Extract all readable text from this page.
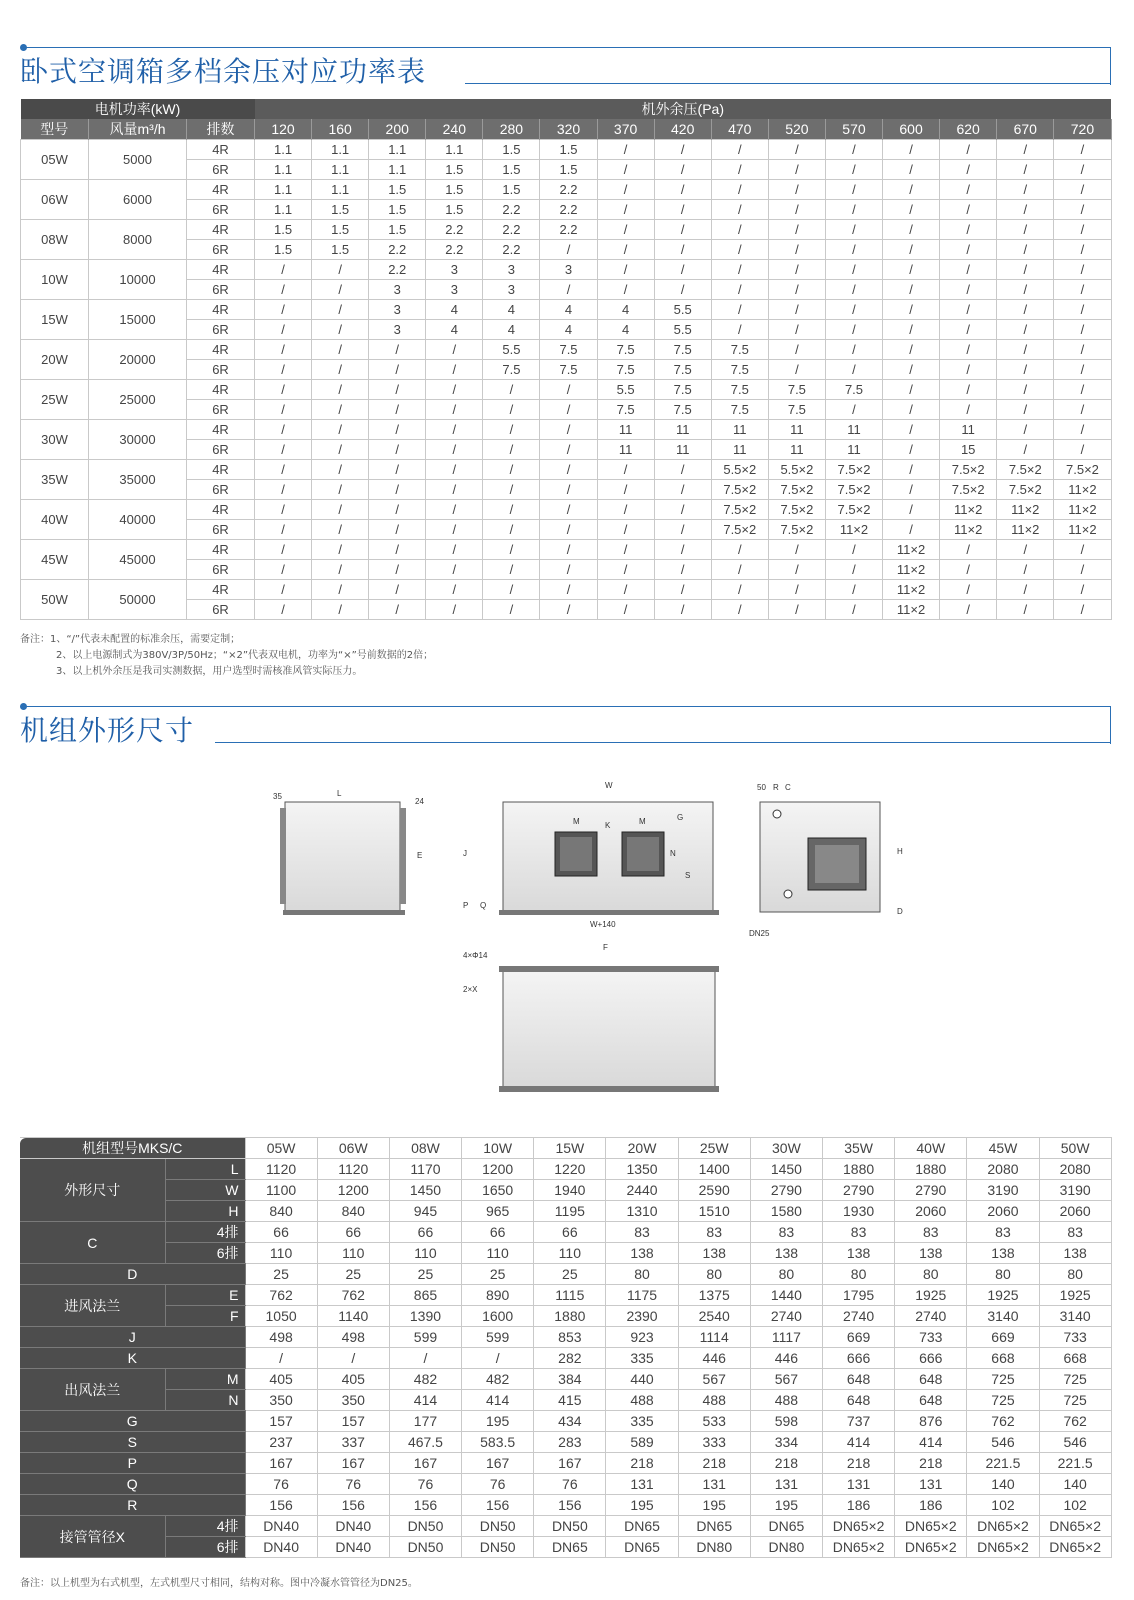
卧式空调箱多档余压对应功率表
电机功率(kW)			机外余压(Pa)														
型号	风量m³/h	排数	120	160	200	240	280	320	370	420	470	520	570	600	620	670	720
05W	5000	4R	1.1	1.1	1.1	1.1	1.5	1.5	/	/	/	/	/	/	/	/	/
		6R	1.1	1.1	1.1	1.5	1.5	1.5	/	/	/	/	/	/	/	/	/
06W	6000	4R	1.1	1.1	1.5	1.5	1.5	2.2	/	/	/	/	/	/	/	/	/
		6R	1.1	1.5	1.5	1.5	2.2	2.2	/	/	/	/	/	/	/	/	/
08W	8000	4R	1.5	1.5	1.5	2.2	2.2	2.2	/	/	/	/	/	/	/	/	/
		6R	1.5	1.5	2.2	2.2	2.2	/	/	/	/	/	/	/	/	/	/
10W	10000	4R	/	/	2.2	3	3	3	/	/	/	/	/	/	/	/	/
		6R	/	/	3	3	3	/	/	/	/	/	/	/	/	/	/
15W	15000	4R	/	/	3	4	4	4	4	5.5	/	/	/	/	/	/	/
		6R	/	/	3	4	4	4	4	5.5	/	/	/	/	/	/	/
20W	20000	4R	/	/	/	/	5.5	7.5	7.5	7.5	7.5	/	/	/	/	/	/
		6R	/	/	/	/	7.5	7.5	7.5	7.5	7.5	/	/	/	/	/	/
25W	25000	4R	/	/	/	/	/	/	5.5	7.5	7.5	7.5	7.5	/	/	/	/
		6R	/	/	/	/	/	/	7.5	7.5	7.5	7.5	/	/	/	/	/
30W	30000	4R	/	/	/	/	/	/	11	11	11	11	11	/	11	/	/
		6R	/	/	/	/	/	/	11	11	11	11	11	/	15	/	/
35W	35000	4R	/	/	/	/	/	/	/	/	5.5×2	5.5×2	7.5×2	/	7.5×2	7.5×2	7.5×2
		6R	/	/	/	/	/	/	/	/	7.5×2	7.5×2	7.5×2	/	7.5×2	7.5×2	11×2
40W	40000	4R	/	/	/	/	/	/	/	/	7.5×2	7.5×2	7.5×2	/	11×2	11×2	11×2
		6R	/	/	/	/	/	/	/	/	7.5×2	7.5×2	11×2	/	11×2	11×2	11×2
45W	45000	4R	/	/	/	/	/	/	/	/	/	/	/	11×2	/	/	/
		6R	/	/	/	/	/	/	/	/	/	/	/	11×2	/	/	/
50W	50000	4R	/	/	/	/	/	/	/	/	/	/	/	11×2	/	/	/
		6R	/	/	/	/	/	/	/	/	/	/	/	11×2	/	/	/
备注：1、“/”代表未配置的标准余压，需要定制；
2、以上电源制式为380V/3P/50Hz；“×2”代表双电机，功率为“×”号前数据的2倍；
3、以上机外余压是我司实测数据，用户选型时需核准风管实际压力。
机组外形尺寸
35	L
24
E
W
M	K	M	G
J	N
S
P Q
W+140
50 R C
H
D
DN25
F
4×Φ14
2×X
机组型号MKS/C		05W	06W	08W	10W	15W	20W	25W	30W	35W	40W	45W	50W
外形尺寸	L	1120	1120	1170	1200	1220	1350	1400	1450	1880	1880	2080	2080
	W	1100	1200	1450	1650	1940	2440	2590	2790	2790	2790	3190	3190
	H	840	840	945	965	1195	1310	1510	1580	1930	2060	2060	2060
C	4排	66	66	66	66	66	83	83	83	83	83	83	83
	6排	110	110	110	110	110	138	138	138	138	138	138	138
D		25	25	25	25	25	80	80	80	80	80	80	80
进风法兰	E	762	762	865	890	1115	1175	1375	1440	1795	1925	1925	1925
	F	1050	1140	1390	1600	1880	2390	2540	2740	2740	2740	3140	3140
J		498	498	599	599	853	923	1114	1117	669	733	669	733
K		/	/	/	/	282	335	446	446	666	666	668	668
出风法兰	M	405	405	482	482	384	440	567	567	648	648	725	725
	N	350	350	414	414	415	488	488	488	648	648	725	725
G		157	157	177	195	434	335	533	598	737	876	762	762
S		237	337	467.5	583.5	283	589	333	334	414	414	546	546
P		167	167	167	167	167	218	218	218	218	218	221.5	221.5
Q		76	76	76	76	76	131	131	131	131	131	140	140
R		156	156	156	156	156	195	195	195	186	186	102	102
接管管径X	4排	DN40	DN40	DN50	DN50	DN50	DN65	DN65	DN65	DN65×2	DN65×2	DN65×2	DN65×2
	6排	DN40	DN40	DN50	DN50	DN65	DN65	DN80	DN80	DN65×2	DN65×2	DN65×2	DN65×2
备注：以上机型为右式机型，左式机型尺寸相同，结构对称。图中冷凝水管管径为DN25。
